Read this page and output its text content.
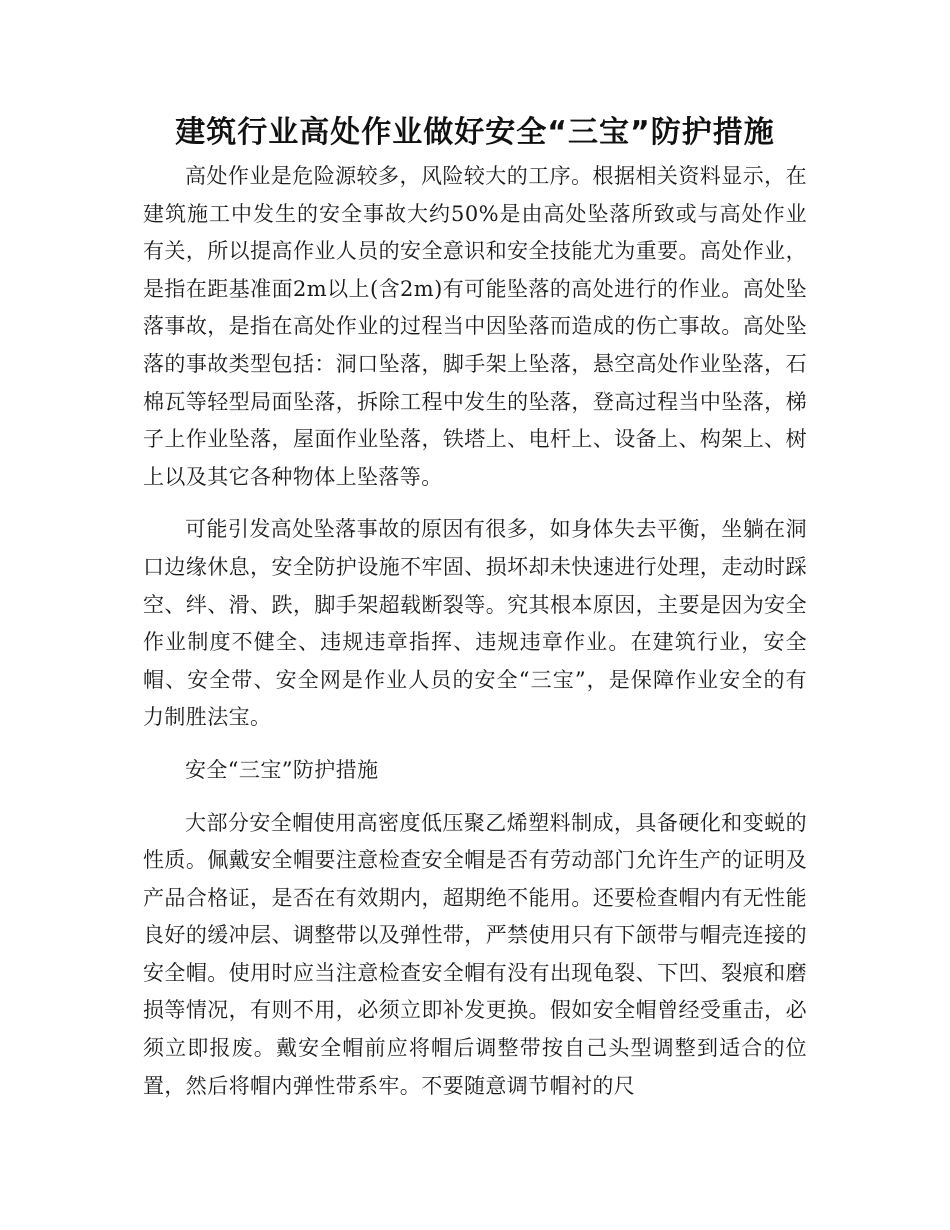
建筑行业高处作业做好安全“三宝”防护措施

高处作业是危险源较多，风险较大的工序。根据相关资料显示，在建筑施工中发生的安全事故大约50%是由高处坠落所致或与高处作业有关，所以提高作业人员的安全意识和安全技能尤为重要。高处作业，是指在距基准面2m以上(含2m)有可能坠落的高处进行的作业。高处坠落事故，是指在高处作业的过程当中因坠落而造成的伤亡事故。高处坠落的事故类型包括：洞口坠落，脚手架上坠落，悬空高处作业坠落，石棉瓦等轻型局面坠落，拆除工程中发生的坠落，登高过程当中坠落，梯子上作业坠落，屋面作业坠落，铁塔上、电杆上、设备上、构架上、树上以及其它各种物体上坠落等。

可能引发高处坠落事故的原因有很多，如身体失去平衡，坐躺在洞口边缘休息，安全防护设施不牢固、损坏却未快速进行处理，走动时踩空、绊、滑、跌，脚手架超载断裂等。究其根本原因，主要是因为安全作业制度不健全、违规违章指挥、违规违章作业。在建筑行业，安全帽、安全带、安全网是作业人员的安全“三宝”，是保障作业安全的有力制胜法宝。

安全“三宝”防护措施

大部分安全帽使用高密度低压聚乙烯塑料制成，具备硬化和变蜕的性质。佩戴安全帽要注意检查安全帽是否有劳动部门允许生产的证明及产品合格证，是否在有效期内，超期绝不能用。还要检查帽内有无性能良好的缓冲层、调整带以及弹性带，严禁使用只有下颌带与帽壳连接的安全帽。使用时应当注意检查安全帽有没有出现龟裂、下凹、裂痕和磨损等情况，有则不用，必须立即补发更换。假如安全帽曾经受重击，必须立即报废。戴安全帽前应将帽后调整带按自己头型调整到适合的位置，然后将帽内弹性带系牢。不要随意调节帽衬的尺
